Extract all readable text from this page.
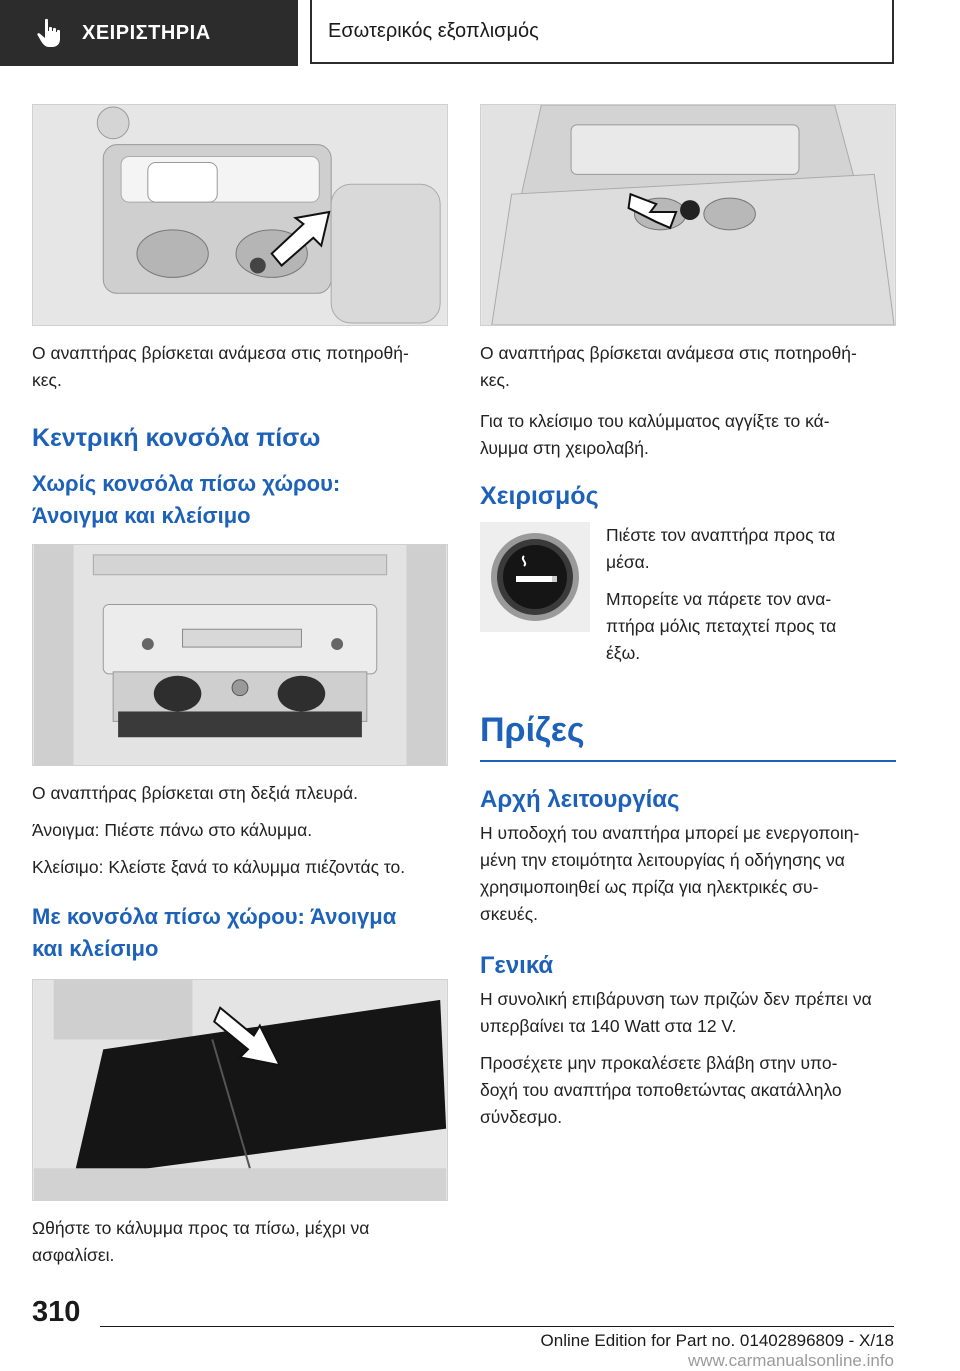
ΧΕΙΡΙΣΤΗΡΙΑ	Εσωτερικός εξοπλισμός

Ο αναπτήρας βρίσκεται ανάμεσα στις ποτηροθή-
κες.

Κεντρική κονσόλα πίσω
Χωρίς κονσόλα πίσω χώρου:
Άνοιγμα και κλείσιμο

Ο αναπτήρας βρίσκεται στη δεξιά πλευρά.

Άνοιγμα: Πιέστε πάνω στο κάλυμμα.

Κλείσιμο: Κλείστε ξανά το κάλυμμα πιέζοντάς το.

Με κονσόλα πίσω χώρου: Άνοιγμα
και κλείσιμο

Ωθήστε το κάλυμμα προς τα πίσω, μέχρι να
ασφαλίσει.

Ο αναπτήρας βρίσκεται ανάμεσα στις ποτηροθή-
κες.

Για το κλείσιμο του καλύμματος αγγίξτε το κά-
λυμμα στη χειρολαβή.

Χειρισμός

Πιέστε τον αναπτήρα προς τα
μέσα.

Μπορείτε να πάρετε τον ανα-
πτήρα μόλις πεταχτεί προς τα
έξω.

Πρίζες
Αρχή λειτουργίας

Η υποδοχή του αναπτήρα μπορεί με ενεργοποιη-
μένη την ετοιμότητα λειτουργίας ή οδήγησης να
χρησιμοποιηθεί ως πρίζα για ηλεκτρικές συ-
σκευές.

Γενικά

Η συνολική επιβάρυνση των πριζών δεν πρέπει να
υπερβαίνει τα 140 Watt στα 12 V.

Προσέχετε μην προκαλέσετε βλάβη στην υπο-
δοχή του αναπτήρα τοποθετώντας ακατάλληλο
σύνδεσμο.

310
Online Edition for Part no. 01402896809 - X/18 www.carmanualsonline.info
